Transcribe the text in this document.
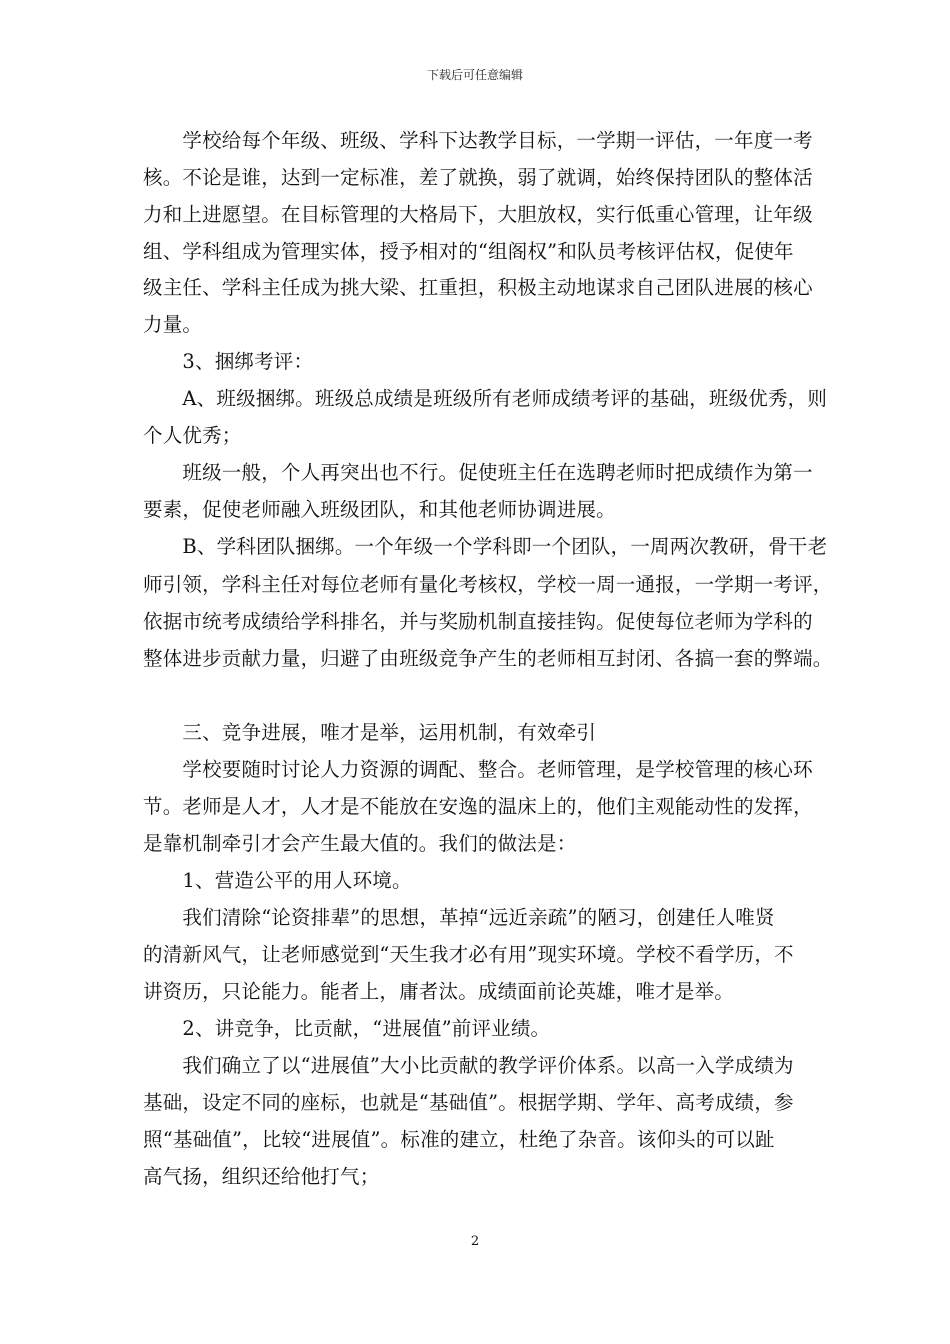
下载后可任意编辑
　　学校给每个年级、班级、学科下达教学目标，一学期一评估，一年度一考
核。不论是谁，达到一定标准，差了就换，弱了就调，始终保持团队的整体活
力和上进愿望。在目标管理的大格局下，大胆放权，实行低重心管理，让年级
组、学科组成为管理实体，授予相对的“组阁权”和队员考核评估权，促使年
级主任、学科主任成为挑大梁、扛重担，积极主动地谋求自己团队进展的核心
力量。
　　3、捆绑考评：
　　A、班级捆绑。班级总成绩是班级所有老师成绩考评的基础，班级优秀，则
个人优秀；
　　班级一般，个人再突出也不行。促使班主任在选聘老师时把成绩作为第一
要素，促使老师融入班级团队，和其他老师协调进展。
　　B、学科团队捆绑。一个年级一个学科即一个团队，一周两次教研，骨干老
师引领，学科主任对每位老师有量化考核权，学校一周一通报，一学期一考评，
依据市统考成绩给学科排名，并与奖励机制直接挂钩。促使每位老师为学科的
整体进步贡献力量，归避了由班级竞争产生的老师相互封闭、各搞一套的弊端。
　　三、竞争进展，唯才是举，运用机制，有效牵引
　　学校要随时讨论人力资源的调配、整合。老师管理，是学校管理的核心环
节。老师是人才，人才是不能放在安逸的温床上的，他们主观能动性的发挥，
是靠机制牵引才会产生最大值的。我们的做法是：
　　1、营造公平的用人环境。
　　我们清除“论资排辈”的思想，革掉“远近亲疏”的陋习，创建任人唯贤
的清新风气，让老师感觉到“天生我才必有用”现实环境。学校不看学历，不
讲资历，只论能力。能者上，庸者汰。成绩面前论英雄，唯才是举。
　　2、讲竞争，比贡献，“进展值”前评业绩。
　　我们确立了以“进展值”大小比贡献的教学评价体系。以高一入学成绩为
基础，设定不同的座标，也就是“基础值”。根据学期、学年、高考成绩，参
照“基础值”，比较“进展值”。标准的建立，杜绝了杂音。该仰头的可以趾
高气扬，组织还给他打气；
2
